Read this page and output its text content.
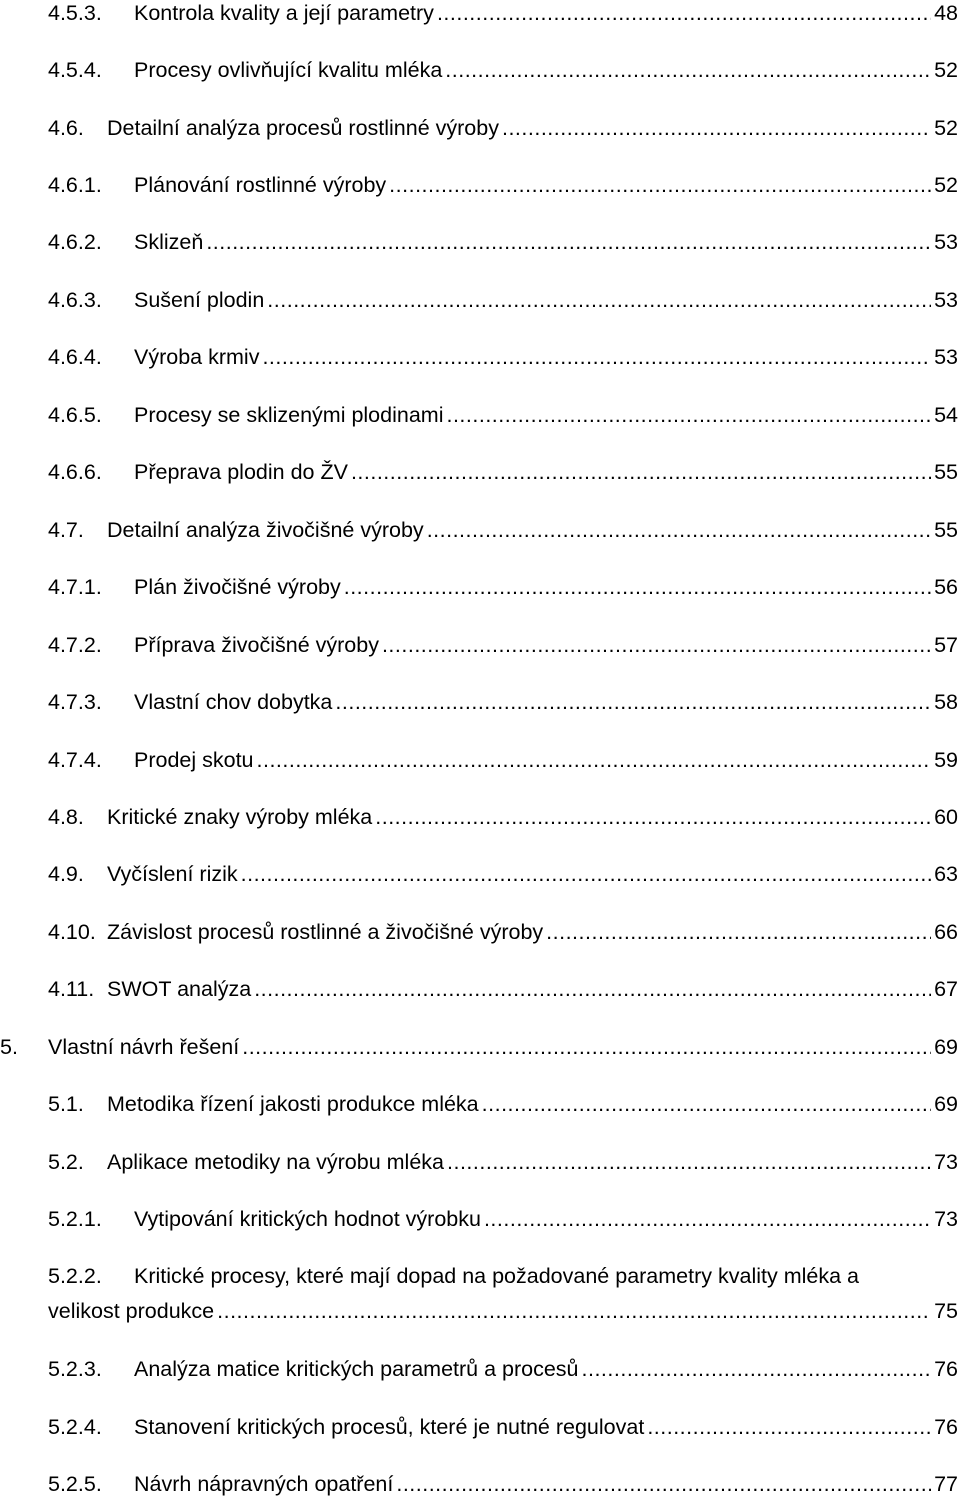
4.5.3. Kontrola kvality a její parametry .....	48
4.5.4. Procesy ovlivňující kvalitu mléka .....	52
4.6. Detailní analýza procesů rostlinné výroby .....	52
4.6.1. Plánování rostlinné výroby .....	52
4.6.2. Sklizeň .....	53
4.6.3. Sušení plodin .....	53
4.6.4. Výroba krmiv .....	53
4.6.5. Procesy se sklizenými plodinami .....	54
4.6.6. Přeprava plodin do ŽV .....	55
4.7. Detailní analýza živočišné výroby .....	55
4.7.1. Plán živočišné výroby .....	56
4.7.2. Příprava živočišné výroby .....	57
4.7.3. Vlastní chov dobytka .....	58
4.7.4. Prodej skotu .....	59
4.8. Kritické znaky výroby mléka .....	60
4.9. Vyčíslení rizik .....	63
4.10. Závislost procesů rostlinné a živočišné výroby .....	66
4.11. SWOT analýza .....	67
5. Vlastní návrh řešení .....	69
5.1. Metodika řízení jakosti produkce mléka .....	69
5.2. Aplikace metodiky na výrobu mléka .....	73
5.2.1. Vytipování kritických hodnot výrobku .....	73
5.2.2. Kritické procesy, které mají dopad na požadované parametry kvality mléka a
velikost produkce .....	75
5.2.3. Analýza matice kritických parametrů a procesů .....	76
5.2.4. Stanovení kritických procesů, které je nutné regulovat .....	76
5.2.5. Návrh nápravných opatření .....	77
